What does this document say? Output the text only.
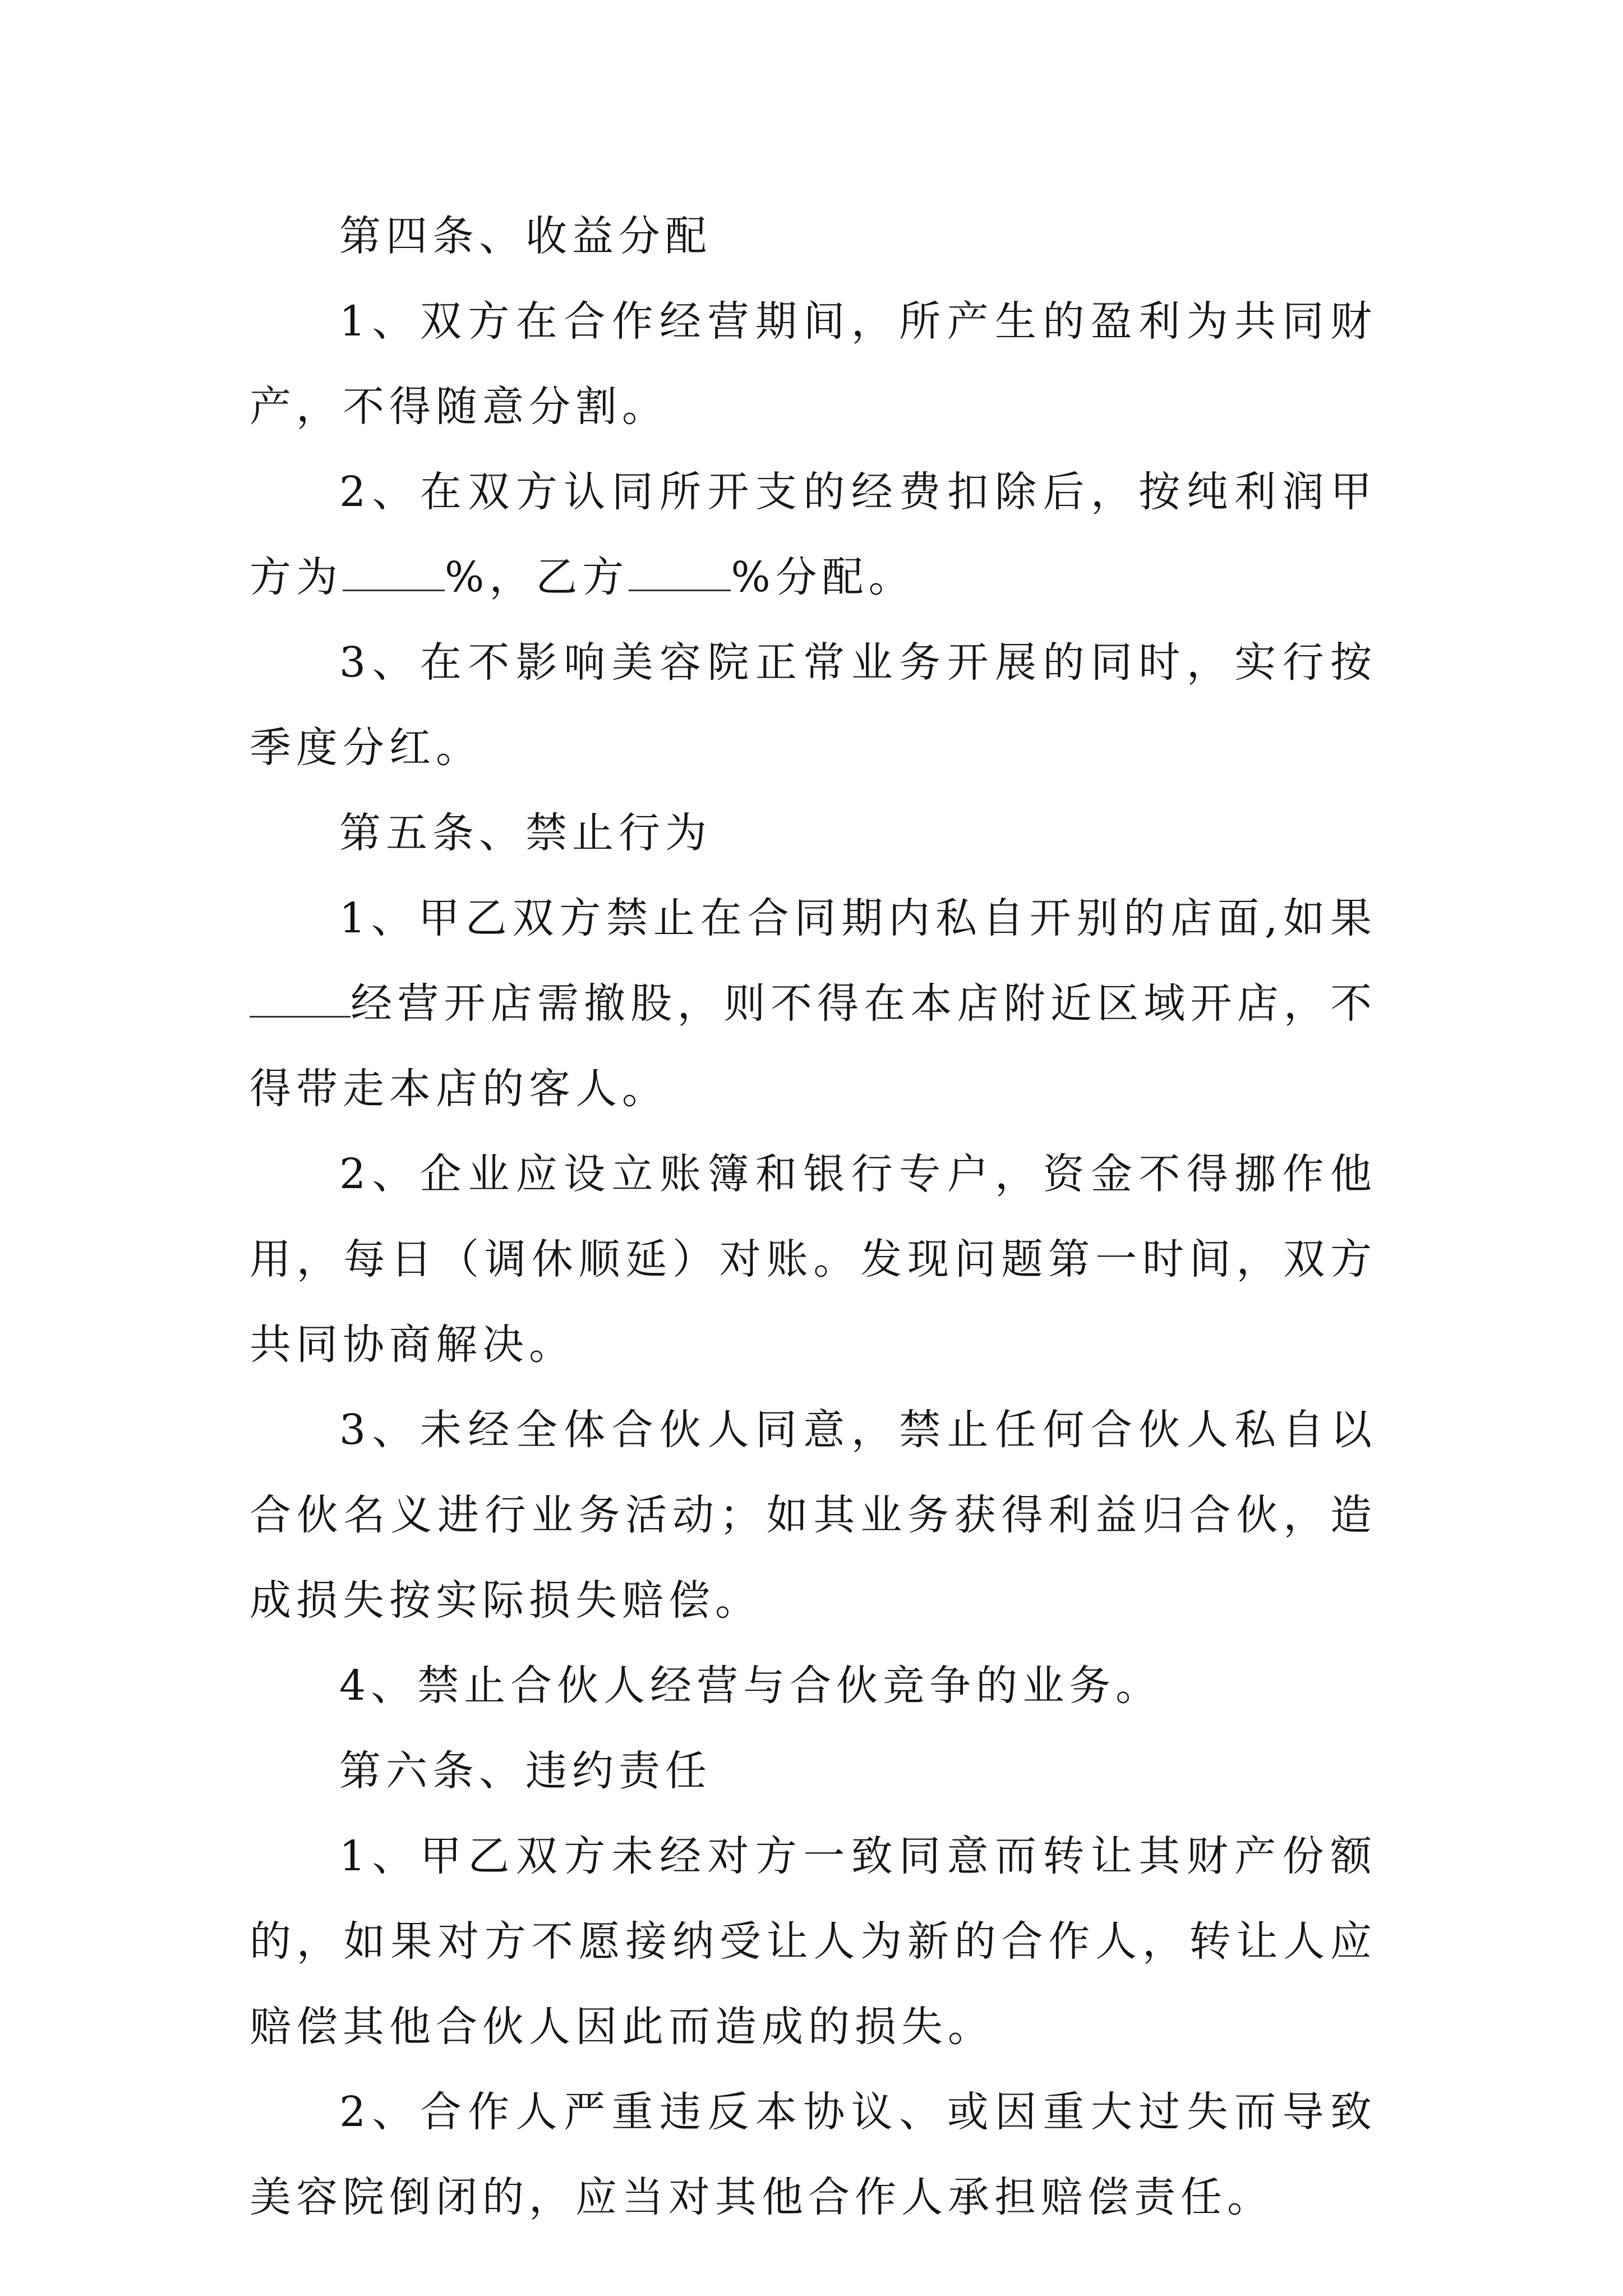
第四条、收益分配

1、双方在合作经营期间，所产生的盈利为共同财产，不得随意分割。

2、在双方认同所开支的经费扣除后，按纯利润甲方为 %，乙方 %分配。

3、在不影响美容院正常业务开展的同时，实行按季度分红。

第五条、禁止行为

1、甲乙双方禁止在合同期内私自开别的店面,如果经营开店需撤股，则不得在本店附近区域开店，不得带走本店的客人。

2、企业应设立账簿和银行专户，资金不得挪作他用，每日（调休顺延）对账。发现问题第一时间，双方共同协商解决。

3、未经全体合伙人同意，禁止任何合伙人私自以合伙名义进行业务活动；如其业务获得利益归合伙，造成损失按实际损失赔偿。

4、禁止合伙人经营与合伙竞争的业务。

第六条、违约责任

1、甲乙双方未经对方一致同意而转让其财产份额的，如果对方不愿接纳受让人为新的合作人，转让人应赔偿其他合伙人因此而造成的损失。

2、合作人严重违反本协议、或因重大过失而导致美容院倒闭的，应当对其他合作人承担赔偿责任。
